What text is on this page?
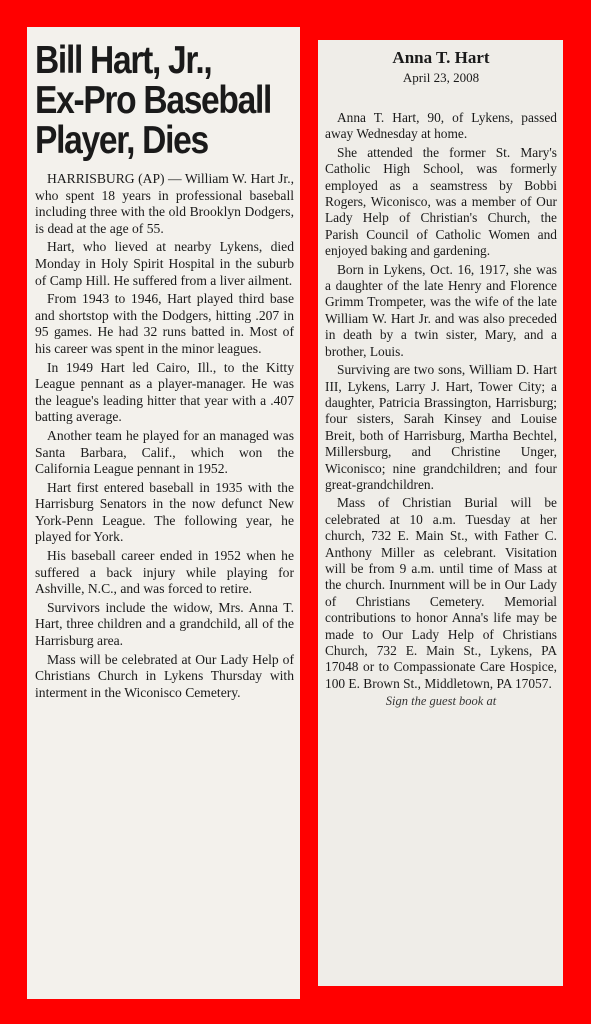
Bill Hart, Jr.,
Ex-Pro Baseball
Player, Dies

HARRISBURG (AP) — William W. Hart Jr., who spent 18 years in professional baseball including three with the old Brooklyn Dodgers, is dead at the age of 55.

Hart, who lieved at nearby Lykens, died Monday in Holy Spirit Hospital in the suburb of Camp Hill. He suffered from a liver ailment.

From 1943 to 1946, Hart played third base and shortstop with the Dodgers, hitting .207 in 95 games. He had 32 runs batted in. Most of his career was spent in the minor leagues.

In 1949 Hart led Cairo, Ill., to the Kitty League pennant as a player-manager. He was the league's leading hitter that year with a .407 batting average.

Another team he played for an managed was Santa Barbara, Calif., which won the California League pennant in 1952.

Hart first entered baseball in 1935 with the Harrisburg Senators in the now defunct New York-Penn League. The following year, he played for York.

His baseball career ended in 1952 when he suffered a back injury while playing for Ashville, N.C., and was forced to retire.

Survivors include the widow, Mrs. Anna T. Hart, three children and a grandchild, all of the Harrisburg area.

Mass will be celebrated at Our Lady Help of Christians Church in Lykens Thursday with interment in the Wiconisco Cemetery.

Anna T. Hart
April 23, 2008

Anna T. Hart, 90, of Lykens, passed away Wednesday at home.

She attended the former St. Mary's Catholic High School, was formerly employed as a seamstress by Bobbi Rogers, Wiconisco, was a member of Our Lady Help of Christian's Church, the Parish Council of Catholic Women and enjoyed baking and gardening.

Born in Lykens, Oct. 16, 1917, she was a daughter of the late Henry and Florence Grimm Trompeter, was the wife of the late William W. Hart Jr. and was also preceded in death by a twin sister, Mary, and a brother, Louis.

Surviving are two sons, William D. Hart III, Lykens, Larry J. Hart, Tower City; a daughter, Patricia Brassington, Harrisburg; four sisters, Sarah Kinsey and Louise Breit, both of Harrisburg, Martha Bechtel, Millersburg, and Christine Unger, Wiconisco; nine grandchildren; and four great-grandchildren.

Mass of Christian Burial will be celebrated at 10 a.m. Tuesday at her church, 732 E. Main St., with Father C. Anthony Miller as celebrant. Visitation will be from 9 a.m. until time of Mass at the church. Inurnment will be in Our Lady of Christians Cemetery. Memorial contributions to honor Anna's life may be made to Our Lady Help of Christians Church, 732 E. Main St., Lykens, PA 17048 or to Compassionate Care Hospice, 100 E. Brown St., Middletown, PA 17057.

Sign the guest book at
